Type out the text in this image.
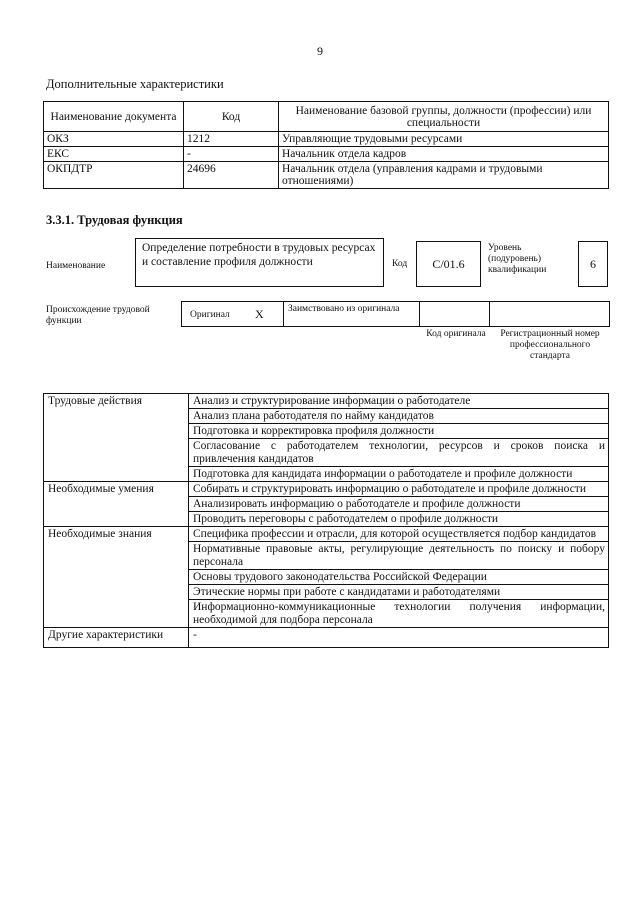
9
Дополнительные характеристики
Наименование документа	Код	Наименование базовой группы, должности (профессии) или специальности
ОКЗ	1212	Управляющие трудовыми ресурсами
ЕКС	-	Начальник отдела кадров
ОКПДТР	24696	Начальник отдела (управления кадрами и трудовыми отношениями)
3.3.1. Трудовая функция
Наименование
Определение потребности в трудовых ресурсах и составление профиля должности	Код	C/01.6
Уровень (подуровень) квалификации	6
Происхождение трудовой функции
Оригинал X	Заимствовано из оригинала
Код оригинала	Регистрационный номер профессионального стандарта
Трудовые действия	Анализ и структурирование информации о работодателе
	Анализ плана работодателя по найму кандидатов
	Подготовка и корректировка профиля должности
	Согласование с работодателем технологии, ресурсов и сроков поиска и привлечения кандидатов
	Подготовка для кандидата информации о работодателе и профиле должности
Необходимые умения	Собирать и структурировать информацию о работодателе и профиле должности
	Анализировать информацию о работодателе и профиле должности
	Проводить переговоры с работодателем о профиле должности
Необходимые знания	Специфика профессии и отрасли, для которой осуществляется подбор кандидатов
	Нормативные правовые акты, регулирующие деятельность по поиску и побору персонала
	Основы трудового законодательства Российской Федерации
	Этические нормы при работе с кандидатами и работодателями
	Информационно-коммуникационные технологии получения информации, необходимой для подбора персонала
Другие характеристики	-
